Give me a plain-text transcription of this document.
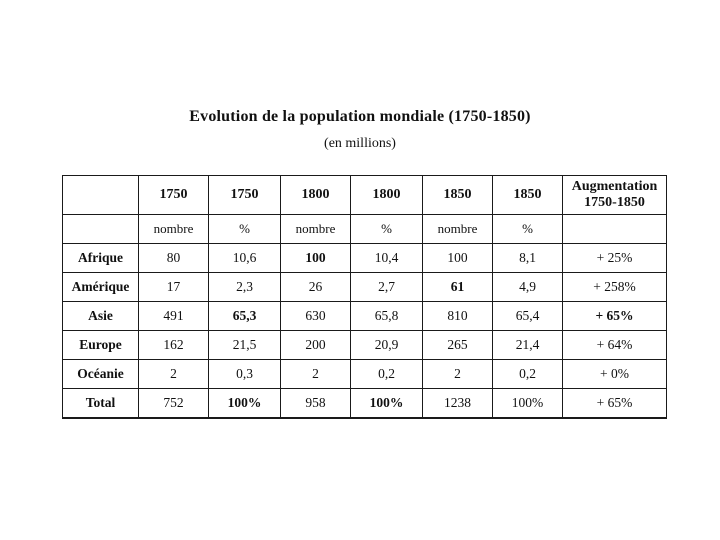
Evolution de la population mondiale (1750-1850)
(en millions)
	1750	1750	1800	1800	1850	1850	Augmentation
1750-1850
	nombre	%	nombre	%	nombre	%	
Afrique	80	10,6	100	10,4	100	8,1	+ 25%
Amérique	17	2,3	26	2,7	61	4,9	+ 258%
Asie	491	65,3	630	65,8	810	65,4	+ 65%
Europe	162	21,5	200	20,9	265	21,4	+ 64%
Océanie	2	0,3	2	0,2	2	0,2	+ 0%
Total	752	100%	958	100%	1238	100%	+ 65%
